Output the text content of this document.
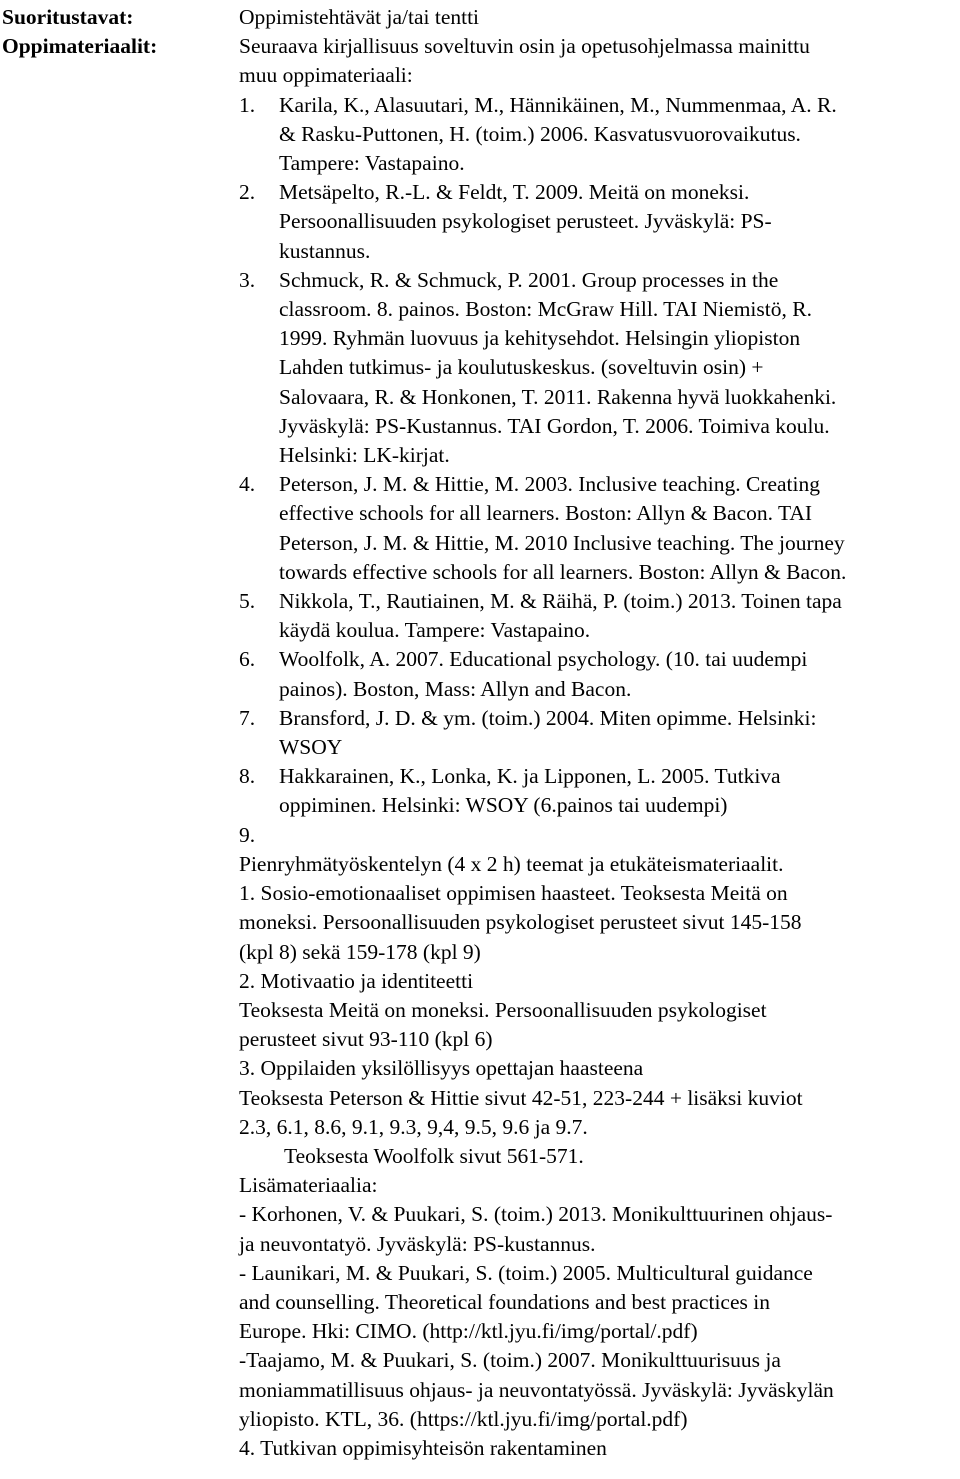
Suoritustavat:
Oppimateriaalit:
Oppimistehtävät ja/tai tentti
Seuraava kirjallisuus soveltuvin osin ja opetusohjelmassa mainittu
muu oppimateriaali:
1. Karila, K., Alasuutari, M., Hännikäinen, M., Nummenmaa, A. R.
& Rasku-Puttonen, H. (toim.) 2006. Kasvatusvuorovaikutus.
Tampere: Vastapaino.
2. Metsäpelto, R.-L. & Feldt, T. 2009. Meitä on moneksi.
Persoonallisuuden psykologiset perusteet. Jyväskylä: PS-
kustannus.
3. Schmuck, R. & Schmuck, P. 2001. Group processes in the
classroom. 8. painos. Boston: McGraw Hill. TAI Niemistö, R.
1999. Ryhmän luovuus ja kehitysehdot. Helsingin yliopiston
Lahden tutkimus- ja koulutuskeskus. (soveltuvin osin) +
Salovaara, R. & Honkonen, T. 2011. Rakenna hyvä luokkahenki.
Jyväskylä: PS-Kustannus. TAI Gordon, T. 2006. Toimiva koulu.
Helsinki: LK-kirjat.
4. Peterson, J. M. & Hittie, M. 2003. Inclusive teaching. Creating
effective schools for all learners. Boston: Allyn & Bacon. TAI
Peterson, J. M. & Hittie, M. 2010 Inclusive teaching. The journey
towards effective schools for all learners. Boston: Allyn & Bacon.
5. Nikkola, T., Rautiainen, M. & Räihä, P. (toim.) 2013. Toinen tapa
käydä koulua. Tampere: Vastapaino.
6. Woolfolk, A. 2007. Educational psychology. (10. tai uudempi
painos). Boston, Mass: Allyn and Bacon.
7. Bransford, J. D. & ym. (toim.) 2004. Miten opimme. Helsinki:
WSOY
8. Hakkarainen, K., Lonka, K. ja Lipponen, L. 2005. Tutkiva
oppiminen. Helsinki: WSOY (6.painos tai uudempi)
9.

Pienryhmätyöskentelyn (4 x 2 h) teemat ja etukäteismateriaalit.
1. Sosio-emotionaaliset oppimisen haasteet. Teoksesta Meitä on
moneksi. Persoonallisuuden psykologiset perusteet sivut 145-158
(kpl 8) sekä 159-178 (kpl 9)
2. Motivaatio ja identiteetti
Teoksesta Meitä on moneksi. Persoonallisuuden psykologiset
perusteet sivut 93-110 (kpl 6)
3. Oppilaiden yksilöllisyys opettajan haasteena
Teoksesta Peterson & Hittie sivut 42-51, 223-244 + lisäksi kuviot
2.3, 6.1, 8.6, 9.1, 9.3, 9,4, 9.5, 9.6 ja 9.7.
Teoksesta Woolfolk sivut 561-571.
Lisämateriaalia:
- Korhonen, V. & Puukari, S. (toim.) 2013. Monikulttuurinen ohjaus-
ja neuvontatyö. Jyväskylä: PS-kustannus.
- Launikari, M. & Puukari, S. (toim.) 2005. Multicultural guidance
and counselling. Theoretical foundations and best practices in
Europe. Hki: CIMO. (http://ktl.jyu.fi/img/portal/.pdf)
-Taajamo, M. & Puukari, S. (toim.) 2007. Monikulttuurisuus ja
moniammatillisuus ohjaus- ja neuvontatyössä. Jyväskylä: Jyväskylän
yliopisto. KTL, 36. (https://ktl.jyu.fi/img/portal.pdf)
4. Tutkivan oppimisyhteisön rakentaminen
